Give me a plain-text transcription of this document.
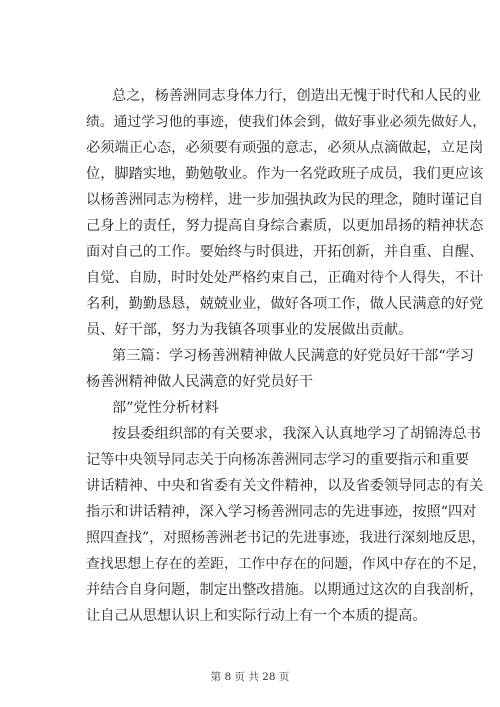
总之，杨善洲同志身体力行，创造出无愧于时代和人民的业
绩。通过学习他的事迹，使我们体会到，做好事业必须先做好人，
必须端正心态，必须要有顽强的意志，必须从点滴做起，立足岗
位，脚踏实地，勤勉敬业。作为一名党政班子成员，我们更应该
以杨善洲同志为榜样，进一步加强执政为民的理念，随时谨记自
己身上的责任，努力提高自身综合素质，以更加昂扬的精神状态
面对自己的工作。要始终与时俱进，开拓创新，并自重、自醒、
自觉、自励，时时处处严格约束自己，正确对待个人得失，不计
名利，勤勤恳恳，兢兢业业，做好各项工作，做人民满意的好党
员、好干部，努力为我镇各项事业的发展做出贡献。
第三篇：学习杨善洲精神做人民满意的好党员好干部“学习
杨善洲精神做人民满意的好党员好干
部”党性分析材料
按县委组织部的有关要求，我深入认真地学习了胡锦涛总书
记等中央领导同志关于向杨冻善洲同志学习的重要指示和重要
讲话精神、中央和省委有关文件精神，以及省委领导同志的有关
指示和讲话精神，深入学习杨善洲同志的先进事迹，按照“四对
照四查找”，对照杨善洲老书记的先进事迹，我进行深刻地反思，
查找思想上存在的差距，工作中存在的问题，作风中存在的不足，
并结合自身问题，制定出整改措施。以期通过这次的自我剖析，
让自己从思想认识上和实际行动上有一个本质的提高。
第 8 页 共 28 页
